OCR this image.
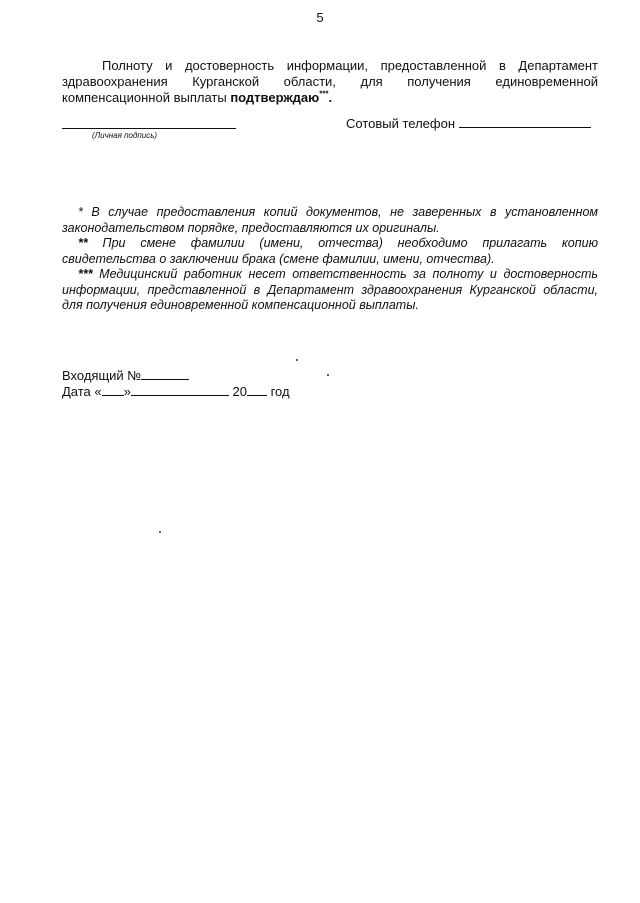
5
Полноту и достоверность информации, предоставленной в Департамент здравоохранения Курганской области, для получения единовременной компенсационной выплаты подтверждаю***.
(Личная подпись)
Сотовый телефон

* В случае предоставления копий документов, не заверенных в установленном законодательством порядке, предоставляются их оригиналы.

** При смене фамилии (имени, отчества) необходимо прилагать копию свидетельства о заключении брака (смене фамилии, имени, отчества).

*** Медицинский работник несет ответственность за полноту и достоверность информации, представленной в Департамент здравоохранения Курганской области, для получения единовременной компенсационной выплаты.

Входящий №
Дата « »	20 год
